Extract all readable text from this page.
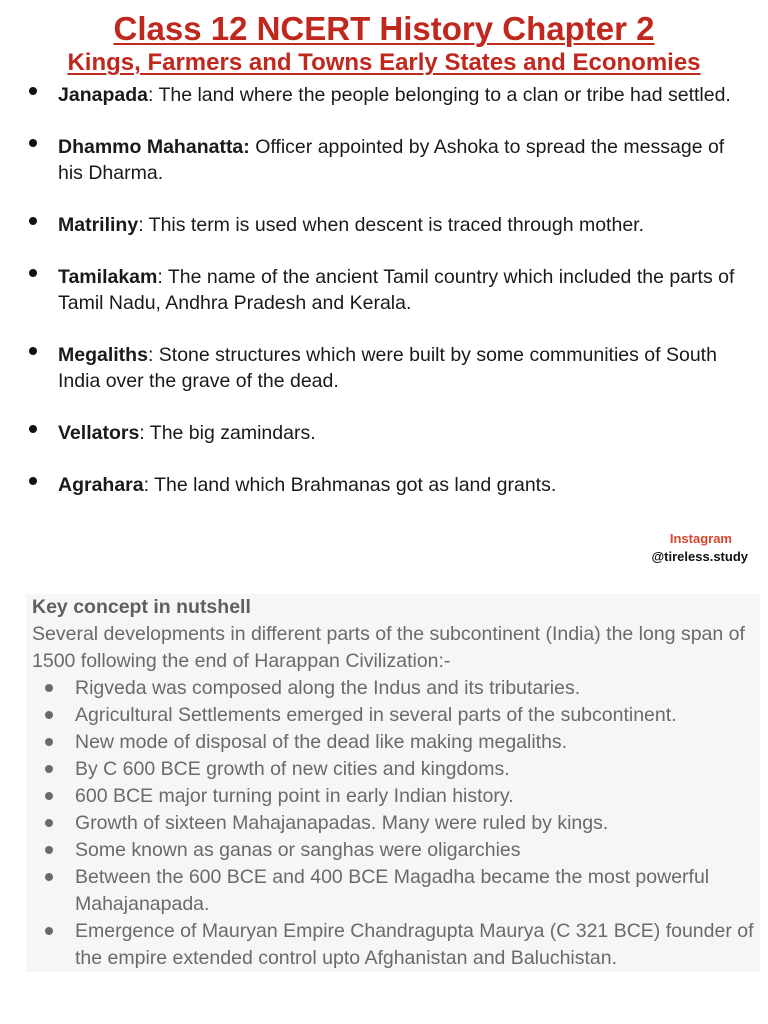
Class 12 NCERT History Chapter 2
Kings, Farmers and Towns Early States and Economies
Janapada: The land where the people belonging to a clan or tribe had settled.
Dhammo Mahanatta: Officer appointed by Ashoka to spread the message of his Dharma.
Matriliny: This term is used when descent is traced through mother.
Tamilakam: The name of the ancient Tamil country which included the parts of Tamil Nadu, Andhra Pradesh and Kerala.
Megaliths: Stone structures which were built by some communities of South India over the grave of the dead.
Vellators: The big zamindars.
Agrahara: The land which Brahmanas got as land grants.
Instagram
@tireless.study
Key concept in nutshell
Several developments in different parts of the subcontinent (India) the long span of 1500 following the end of Harappan Civilization:-
Rigveda was composed along the Indus and its tributaries.
Agricultural Settlements emerged in several parts of the subcontinent.
New mode of disposal of the dead like making megaliths.
By C 600 BCE growth of new cities and kingdoms.
600 BCE major turning point in early Indian history.
Growth of sixteen Mahajanapadas. Many were ruled by kings.
Some known as ganas or sanghas were oligarchies
Between the 600 BCE and 400 BCE Magadha became the most powerful Mahajanapada.
Emergence of Mauryan Empire Chandragupta Maurya (C 321 BCE) founder of the empire extended control upto Afghanistan and Baluchistan.
